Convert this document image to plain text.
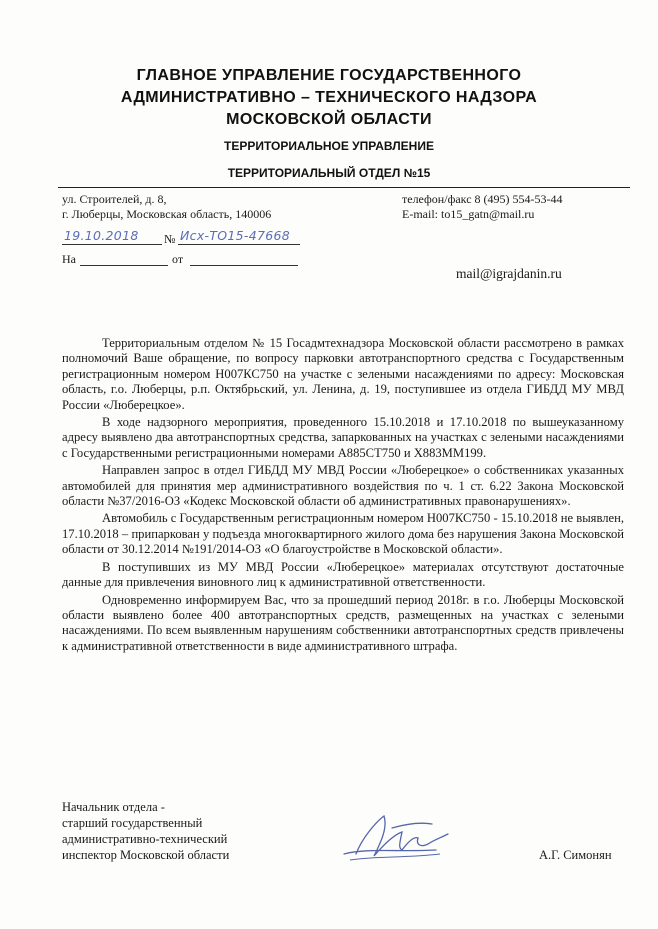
ГЛАВНОЕ УПРАВЛЕНИЕ ГОСУДАРСТВЕННОГО
АДМИНИСТРАТИВНО – ТЕХНИЧЕСКОГО НАДЗОРА
МОСКОВСКОЙ ОБЛАСТИ
ТЕРРИТОРИАЛЬНОЕ УПРАВЛЕНИЕ
ТЕРРИТОРИАЛЬНЫЙ ОТДЕЛ №15
ул. Строителей, д. 8,
г. Люберцы, Московская область, 140006
телефон/факс 8 (495) 554-53-44
E-mail: to15_gatn@mail.ru
19.10.2018 № Исх-ТО15-47668
На	от
mail@igrajdanin.ru

Территориальным отделом № 15 Госадмтехнадзора Московской области рассмотрено в рамках полномочий Ваше обращение, по вопросу парковки автотранспортного средства с Государственным регистрационным номером Н007КС750 на участке с зелеными насаждениями по адресу: Московская область, г.о. Люберцы, р.п. Октябрьский, ул. Ленина, д. 19, поступившее из отдела ГИБДД МУ МВД России «Люберецкое».

В ходе надзорного мероприятия, проведенного 15.10.2018 и 17.10.2018 по вышеуказанному адресу выявлено два автотранспортных средства, запаркованных на участках с зелеными насаждениями с Государственными регистрационными номерами А885СТ750 и Х883ММ199.

Направлен запрос в отдел ГИБДД МУ МВД России «Люберецкое» о собственниках указанных автомобилей для принятия мер административного воздействия по ч. 1 ст. 6.22 Закона Московской области №37/2016-ОЗ «Кодекс Московской области об административных правонарушениях».

Автомобиль с Государственным регистрационным номером Н007КС750 - 15.10.2018 не выявлен, 17.10.2018 – припаркован у подъезда многоквартирного жилого дома без нарушения Закона Московской области от 30.12.2014 №191/2014-ОЗ «О благоустройстве в Московской области».

В поступивших из МУ МВД России «Люберецкое» материалах отсутствуют достаточные данные для привлечения виновного лиц к административной ответственности.

Одновременно информируем Вас, что за прошедший период 2018г. в г.о. Люберцы Московской области выявлено более 400 автотранспортных средств, размещенных на участках с зелеными насаждениями. По всем выявленным нарушениям собственники автотранспортных средств привлечены к административной ответственности в виде административного штрафа.

Начальник отдела -
старший государственный
административно-технический
инспектор Московской области	А.Г. Симонян
